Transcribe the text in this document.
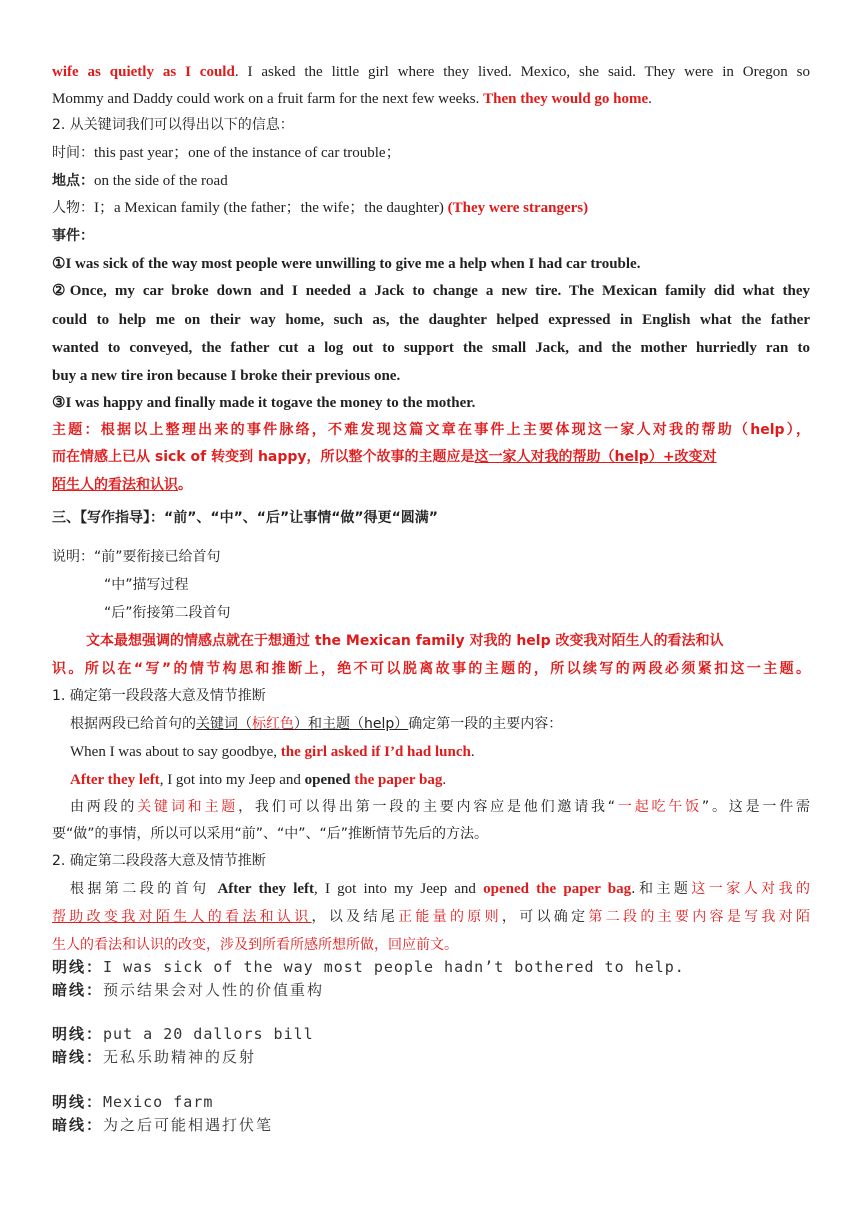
wife as quietly as I could. I asked the little girl where they lived. Mexico, she said. They were in Oregon so
Mommy and Daddy could work on a fruit farm for the next few weeks. Then they would go home.
2. 从关键词我们可以得出以下的信息：
时间：this past year；one of the instance of car trouble；
地点：on the side of the road
人物：I；a Mexican family (the father；the wife；the daughter) (They were strangers)
事件：
①I was sick of the way most people were unwilling to give me a help when I had car trouble.
②Once, my car broke down and I needed a Jack to change a new tire. The Mexican family did what they
could to help me on their way home, such as, the daughter helped expressed in English what the father
wanted to conveyed, the father cut a log out to support the small Jack, and the mother hurriedly ran to
buy a new tire iron because I broke their previous one.
③I was happy and finally made it togave the money to the mother.
主题：根据以上整理出来的事件脉络，不难发现这篇文章在事件上主要体现这一家人对我的帮助（help），
而在情感上已从 sick of 转变到 happy，所以整个故事的主题应是这一家人对我的帮助（help）+改变对
陌生人的看法和认识。
三、【写作指导】：“前”、“中”、“后”让事情“做”得更“圆满”
说明：“前”要衔接已给首句
“中”描写过程
“后”衔接第二段首句
文本最想强调的情感点就在于想通过 the Mexican family 对我的 help 改变我对陌生人的看法和认
识。所以在“写”的情节构思和推断上，绝不可以脱离故事的主题的，所以续写的两段必须紧扣这一主题。
1. 确定第一段段落大意及情节推断
根据两段已给首句的关键词（标红色）和主题（help）确定第一段的主要内容：
When I was about to say goodbye, the girl asked if I’d had lunch.
After they left, I got into my Jeep and opened the paper bag.
由两段的关键词和主题，我们可以得出第一段的主要内容应是他们邀请我“一起吃午饭”。这是一件需
要“做”的事情，所以可以采用“前”、“中”、“后”推断情节先后的方法。
2. 确定第二段段落大意及情节推断
根据第二段的首句 After they left, I got into my Jeep and opened the paper bag.和主题这一家人对我的
帮助改变我对陌生人的看法和认识，以及结尾正能量的原则，可以确定第二段的主要内容是写我对陌
生人的看法和认识的改变，涉及到所看所感所想所做，回应前文。
明线：I was sick of the way most people hadn’t bothered to help.
暗线：预示结果会对人性的价值重构
明线：put a 20 dallors bill
暗线：无私乐助精神的反射
明线：Mexico farm
暗线：为之后可能相遇打伏笔
